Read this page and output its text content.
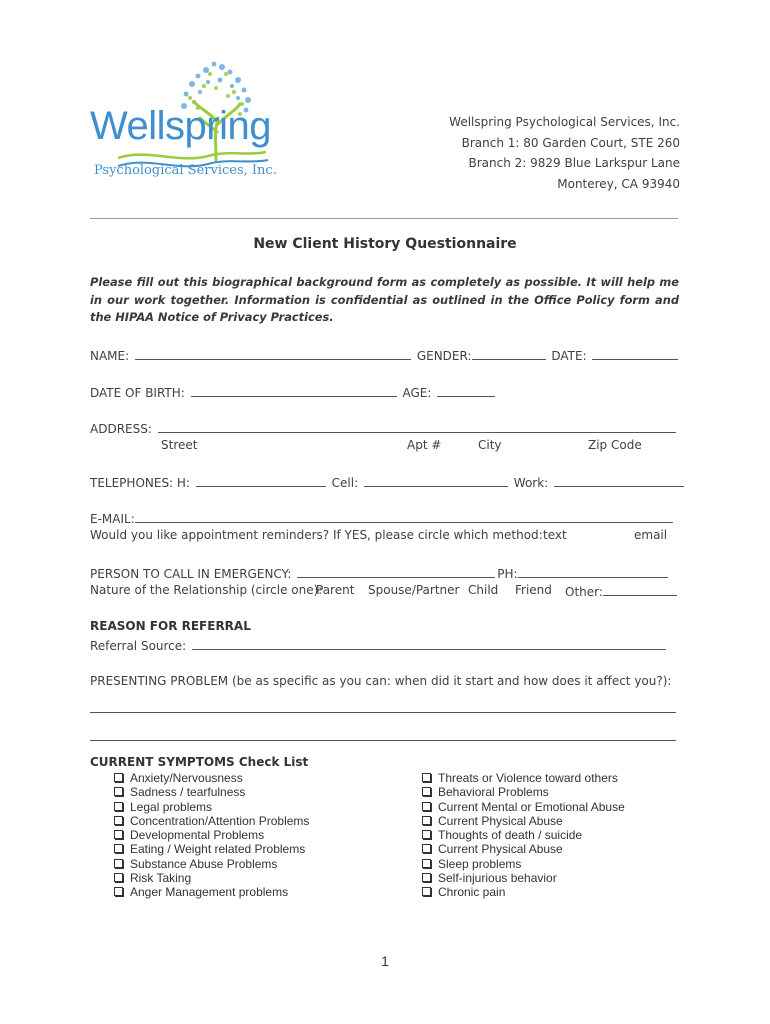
Wellspring
Psychological Services, Inc.
Wellspring Psychological Services, Inc.
Branch 1: 80 Garden Court, STE 260
Branch 2: 9829 Blue Larkspur Lane
Monterey, CA 93940
New Client History Questionnaire
Please fill out this biographical background form as completely as possible. It will help me in our work together. Information is confidential as outlined in the Office Policy form and the HIPAA Notice of Privacy Practices.
NAME:	GENDER:	DATE:
DATE OF BIRTH:	AGE:
ADDRESS:
Street	Apt #	City	Zip Code
TELEPHONES: H:	Cell:	Work:
E-MAIL:
Would you like appointment reminders? If YES, please circle which method: text	email
PERSON TO CALL IN EMERGENCY:	PH:
Nature of the Relationship (circle one):
Parent Spouse/Partner Child Friend Other:
REASON FOR REFERRAL
Referral Source:
PRESENTING PROBLEM (be as specific as you can: when did it start and how does it affect you?):
CURRENT SYMPTOMS Check List
Anxiety/Nervousness
Sadness / tearfulness
Legal problems
Concentration/Attention Problems
Developmental Problems
Eating / Weight related Problems
Substance Abuse Problems
Risk Taking
Anger Management problems
Threats or Violence toward others
Behavioral Problems
Current Mental or Emotional Abuse
Current Physical Abuse
Thoughts of death / suicide
Current Physical Abuse
Sleep problems
Self-injurious behavior
Chronic pain
1
